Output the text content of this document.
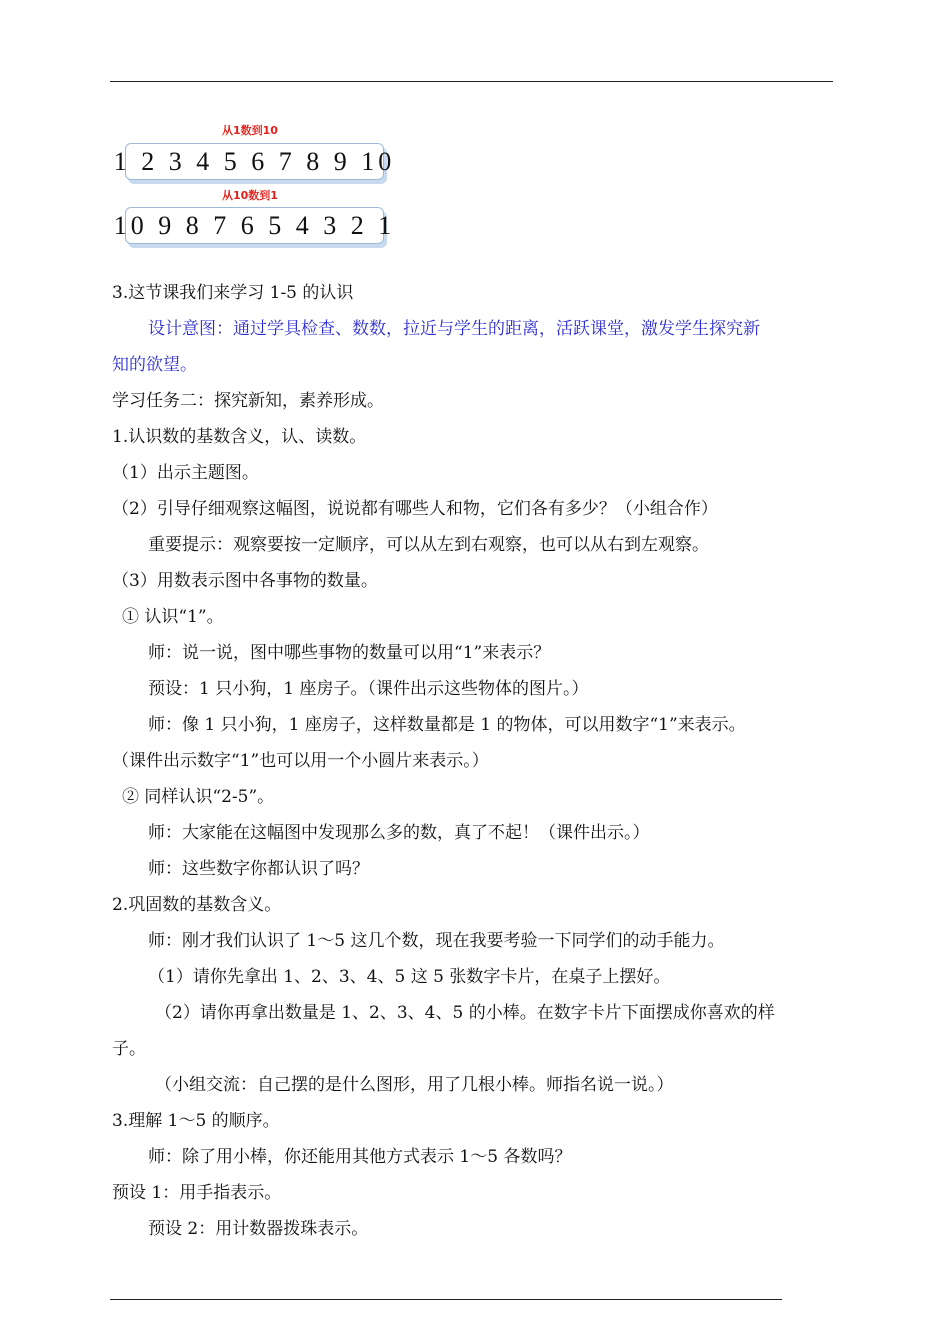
从1数到10
1 2 3 4 5 6 7 8 9 10
从10数到1
10 9 8 7 6 5 4 3 2 1
3.这节课我们来学习 1-5 的认识
设计意图：通过学具检查、数数，拉近与学生的距离，活跃课堂，激发学生探究新
知的欲望。
学习任务二：探究新知，素养形成。
1.认识数的基数含义，认、读数。
（1）出示主题图。
（2）引导仔细观察这幅图，说说都有哪些人和物，它们各有多少？（小组合作）
重要提示：观察要按一定顺序，可以从左到右观察，也可以从右到左观察。
（3）用数表示图中各事物的数量。
① 认识“1”。
师：说一说，图中哪些事物的数量可以用“1”来表示？
预设：1 只小狗，1 座房子。（课件出示这些物体的图片。）
师：像 1 只小狗，1 座房子，这样数量都是 1 的物体，可以用数字“1”来表示。
（课件出示数字“1”也可以用一个小圆片来表示。）
② 同样认识“2-5”。
师：大家能在这幅图中发现那么多的数，真了不起！（课件出示。）
师：这些数字你都认识了吗？
2.巩固数的基数含义。
师：刚才我们认识了 1～5 这几个数，现在我要考验一下同学们的动手能力。
（1）请你先拿出 1、2、3、4、5 这 5 张数字卡片，在桌子上摆好。
（2）请你再拿出数量是 1、2、3、4、5 的小棒。在数字卡片下面摆成你喜欢的样
子。
（小组交流：自己摆的是什么图形，用了几根小棒。师指名说一说。）
3.理解 1～5 的顺序。
师：除了用小棒，你还能用其他方式表示 1～5 各数吗？
预设 1：用手指表示。
预设 2：用计数器拨珠表示。
